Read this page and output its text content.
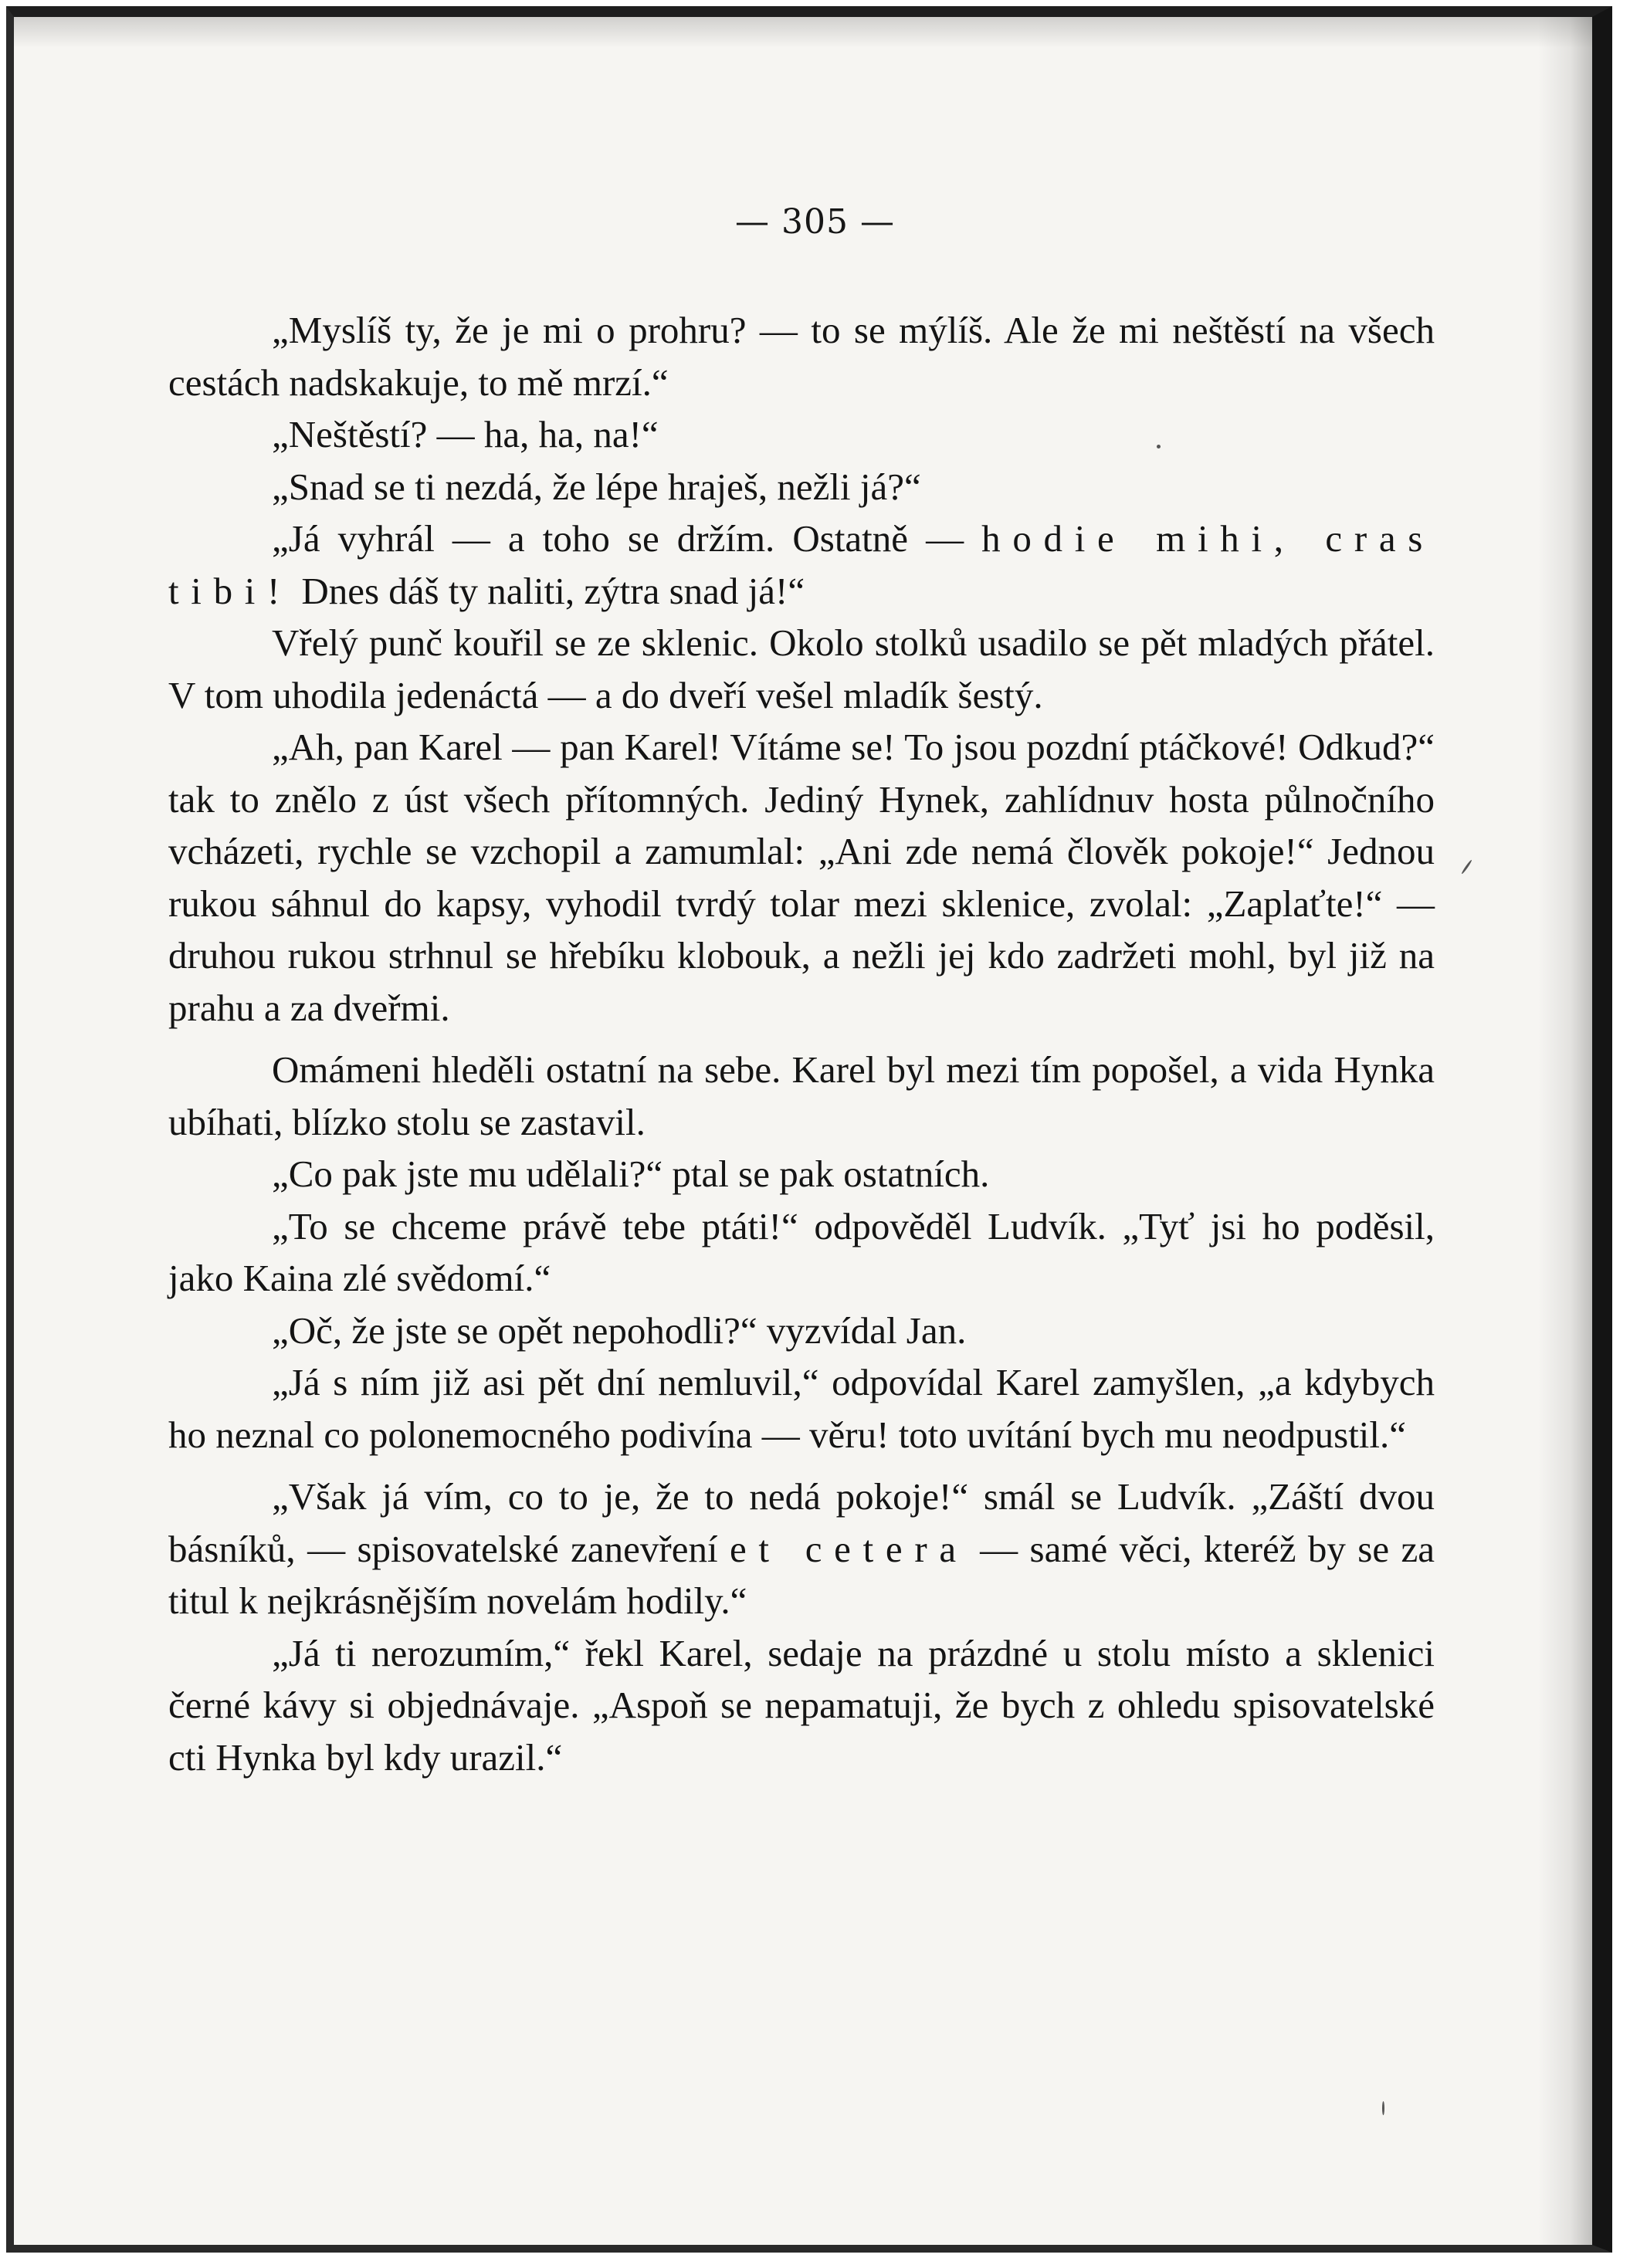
— 305 —

„Myslíš ty, že je mi o prohru? — to se mýlíš. Ale že mi neštěstí na všech cestách nadskakuje, to mě mrzí.“

„Neštěstí? — ha, ha, na!“

„Snad se ti nezdá, že lépe hraješ, nežli já?“

„Já vyhrál — a toho se držím. Ostatně — hodie mihi, cras tibi! Dnes dáš ty naliti, zýtra snad já!“

Vřelý punč kouřil se ze sklenic. Okolo stolků usadilo se pět mladých přátel. V tom uhodila jedenáctá — a do dveří vešel mladík šestý.

„Ah, pan Karel — pan Karel! Vítáme se! To jsou pozdní ptáčkové! Odkud?“ tak to znělo z úst všech přítomných. Jediný Hynek, zahlídnuv hosta půlnočního vcházeti, rychle se vzchopil a zamumlal: „Ani zde nemá člověk pokoje!“ Jednou rukou sáhnul do kapsy, vyhodil tvrdý tolar mezi sklenice, zvolal: „Zaplaťte!“ — druhou rukou strhnul se hřebíku klobouk, a nežli jej kdo zadržeti mohl, byl již na prahu a za dveřmi.

Omámeni hleděli ostatní na sebe. Karel byl mezi tím popošel, a vida Hynka ubíhati, blízko stolu se zastavil.

„Co pak jste mu udělali?“ ptal se pak ostatních.

„To se chceme právě tebe ptáti!“ odpověděl Ludvík. „Tyť jsi ho poděsil, jako Kaina zlé svědomí.“

„Oč, že jste se opět nepohodli?“ vyzvídal Jan.

„Já s ním již asi pět dní nemluvil,“ odpovídal Karel zamyšlen, „a kdybych ho neznal co polonemocného podivína — věru! toto uvítání bych mu neodpustil.“

„Však já vím, co to je, že to nedá pokoje!“ smál se Ludvík. „Záští dvou básníků, — spisovatelské zanevření et cetera — samé věci, kteréž by se za titul k nejkrásnějším novelám hodily.“

„Já ti nerozumím,“ řekl Karel, sedaje na prázdné u stolu místo a sklenici černé kávy si objednávaje. „Aspoň se nepamatuji, že bych z ohledu spisovatelské cti Hynka byl kdy urazil.“
